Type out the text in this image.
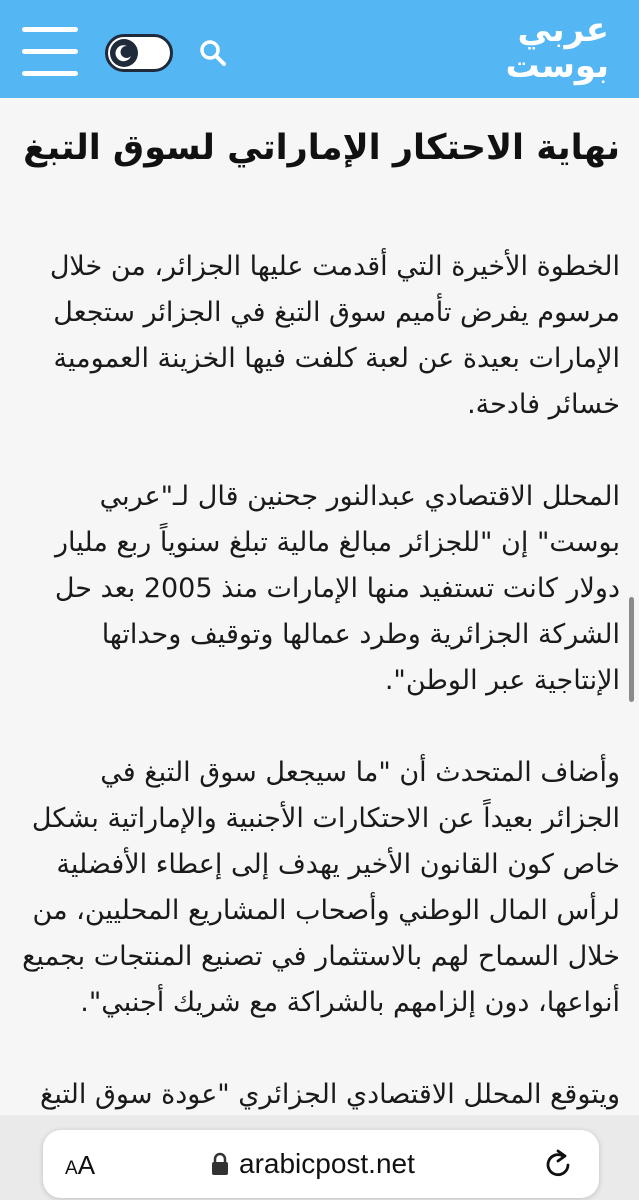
عربي
بوست
نهاية الاحتكار الإماراتي لسوق التبغ

الخطوة الأخيرة التي أقدمت عليها الجزائر، من خلال مرسوم يفرض تأميم سوق التبغ في الجزائر ستجعل الإمارات بعيدة عن لعبة كلفت فيها الخزينة العمومية خسائر فادحة.

المحلل الاقتصادي عبدالنور جحنين قال لـ"عربي بوست" إن "للجزائر مبالغ مالية تبلغ سنوياً ربع مليار دولار كانت تستفيد منها الإمارات منذ 2005 بعد حل الشركة الجزائرية وطرد عمالها وتوقيف وحداتها الإنتاجية عبر الوطن".

وأضاف المتحدث أن "ما سيجعل سوق التبغ في الجزائر بعيداً عن الاحتكارات الأجنبية والإماراتية بشكل خاص كون القانون الأخير يهدف إلى إعطاء الأفضلية لرأس المال الوطني وأصحاب المشاريع المحليين، من خلال السماح لهم بالاستثمار في تصنيع المنتجات بجميع أنواعها، دون إلزامهم بالشراكة مع شريك أجنبي".

ويتوقع المحلل الاقتصادي الجزائري "عودة سوق التبغ

AA	arabicpost.net
